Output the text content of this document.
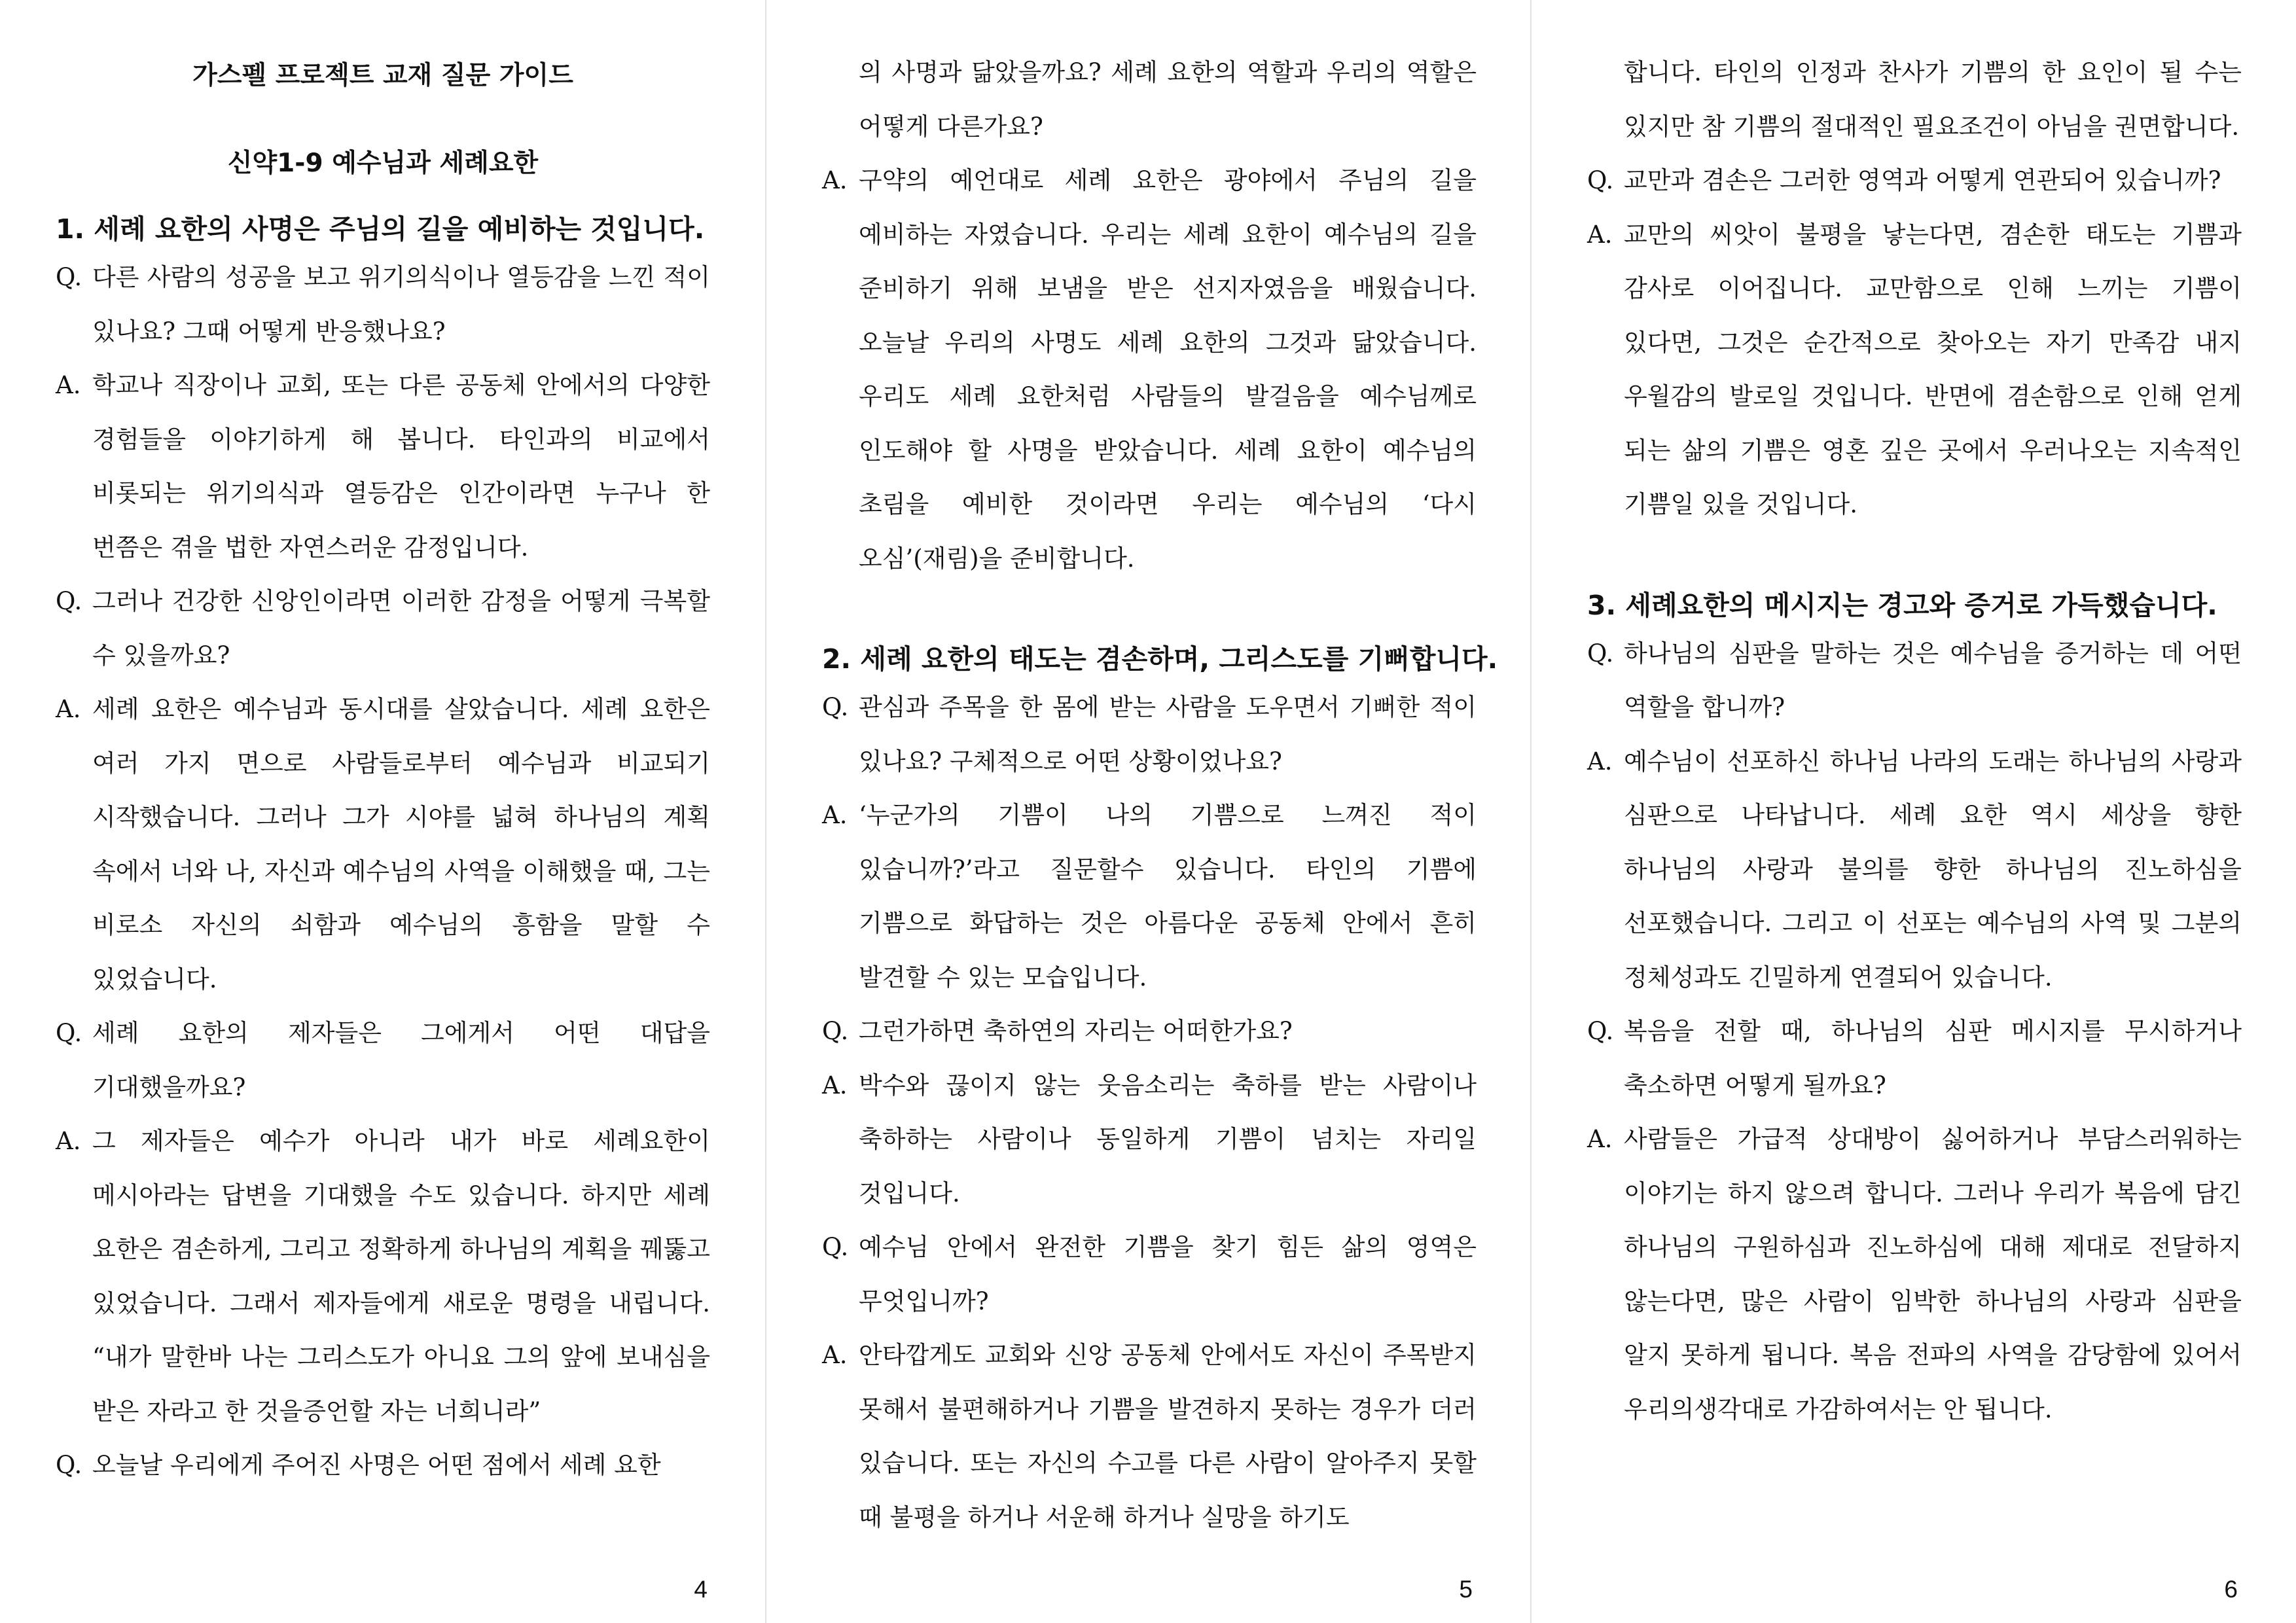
가스펠 프로젝트 교재 질문 가이드

신약1-9 예수님과 세례요한

1. 세례 요한의 사명은 주님의 길을 예비하는 것입니다.

Q. 다른 사람의 성공을 보고 위기의식이나 열등감을 느낀 적이 있나요? 그때 어떻게 반응했나요?
A. 학교나 직장이나 교회, 또는 다른 공동체 안에서의 다양한 경험들을 이야기하게 해 봅니다. 타인과의 비교에서 비롯되는 위기의식과 열등감은 인간이라면 누구나 한 번쯤은 겪을 법한 자연스러운 감정입니다.
Q. 그러나 건강한 신앙인이라면 이러한 감정을 어떻게 극복할 수 있을까요?
A. 세례 요한은 예수님과 동시대를 살았습니다. 세례 요한은 여러 가지 면으로 사람들로부터 예수님과 비교되기 시작했습니다. 그러나 그가 시야를 넓혀 하나님의 계획 속에서 너와 나, 자신과 예수님의 사역을 이해했을 때, 그는 비로소 자신의 쇠함과 예수님의 흥함을 말할 수 있었습니다.
Q. 세례 요한의 제자들은 그에게서 어떤 대답을 기대했을까요?
A. 그 제자들은 예수가 아니라 내가 바로 세례요한이 메시아라는 답변을 기대했을 수도 있습니다. 하지만 세례 요한은 겸손하게, 그리고 정확하게 하나님의 계획을 꿰뚫고 있었습니다. 그래서 제자들에게 새로운 명령을 내립니다. “내가 말한바 나는 그리스도가 아니요 그의 앞에 보내심을 받은 자라고 한 것을증언할 자는 너희니라”
Q. 오늘날 우리에게 주어진 사명은 어떤 점에서 세례 요한
4
의 사명과 닮았을까요? 세례 요한의 역할과 우리의 역할은 어떻게 다른가요?
A. 구약의 예언대로 세례 요한은 광야에서 주님의 길을 예비하는 자였습니다. 우리는 세례 요한이 예수님의 길을 준비하기 위해 보냄을 받은 선지자였음을 배웠습니다. 오늘날 우리의 사명도 세례 요한의 그것과 닮았습니다. 우리도 세례 요한처럼 사람들의 발걸음을 예수님께로 인도해야 할 사명을 받았습니다. 세례 요한이 예수님의 초림을 예비한 것이라면 우리는 예수님의 ‘다시 오심’(재림)을 준비합니다.

2. 세례 요한의 태도는 겸손하며, 그리스도를 기뻐합니다.

Q. 관심과 주목을 한 몸에 받는 사람을 도우면서 기뻐한 적이 있나요? 구체적으로 어떤 상황이었나요?
A. ‘누군가의 기쁨이 나의 기쁨으로 느껴진 적이 있습니까?’라고 질문할수 있습니다. 타인의 기쁨에 기쁨으로 화답하는 것은 아름다운 공동체 안에서 흔히 발견할 수 있는 모습입니다.
Q. 그런가하면 축하연의 자리는 어떠한가요?
A. 박수와 끊이지 않는 웃음소리는 축하를 받는 사람이나 축하하는 사람이나 동일하게 기쁨이 넘치는 자리일 것입니다.
Q. 예수님 안에서 완전한 기쁨을 찾기 힘든 삶의 영역은 무엇입니까?
A. 안타깝게도 교회와 신앙 공동체 안에서도 자신이 주목받지 못해서 불편해하거나 기쁨을 발견하지 못하는 경우가 더러 있습니다. 또는 자신의 수고를 다른 사람이 알아주지 못할 때 불평을 하거나 서운해 하거나 실망을 하기도
5
합니다. 타인의 인정과 찬사가 기쁨의 한 요인이 될 수는 있지만 참 기쁨의 절대적인 필요조건이 아님을 권면합니다.
Q. 교만과 겸손은 그러한 영역과 어떻게 연관되어 있습니까?
A. 교만의 씨앗이 불평을 낳는다면, 겸손한 태도는 기쁨과 감사로 이어집니다. 교만함으로 인해 느끼는 기쁨이 있다면, 그것은 순간적으로 찾아오는 자기 만족감 내지 우월감의 발로일 것입니다. 반면에 겸손함으로 인해 얻게 되는 삶의 기쁨은 영혼 깊은 곳에서 우러나오는 지속적인 기쁨일 있을 것입니다.

3. 세례요한의 메시지는 경고와 증거로 가득했습니다.

Q. 하나님의 심판을 말하는 것은 예수님을 증거하는 데 어떤 역할을 합니까?
A. 예수님이 선포하신 하나님 나라의 도래는 하나님의 사랑과 심판으로 나타납니다. 세례 요한 역시 세상을 향한 하나님의 사랑과 불의를 향한 하나님의 진노하심을 선포했습니다. 그리고 이 선포는 예수님의 사역 및 그분의 정체성과도 긴밀하게 연결되어 있습니다.
Q. 복음을 전할 때, 하나님의 심판 메시지를 무시하거나 축소하면 어떻게 될까요?
A. 사람들은 가급적 상대방이 싫어하거나 부담스러워하는 이야기는 하지 않으려 합니다. 그러나 우리가 복음에 담긴 하나님의 구원하심과 진노하심에 대해 제대로 전달하지 않는다면, 많은 사람이 임박한 하나님의 사랑과 심판을 알지 못하게 됩니다. 복음 전파의 사역을 감당함에 있어서 우리의생각대로 가감하여서는 안 됩니다.
6
